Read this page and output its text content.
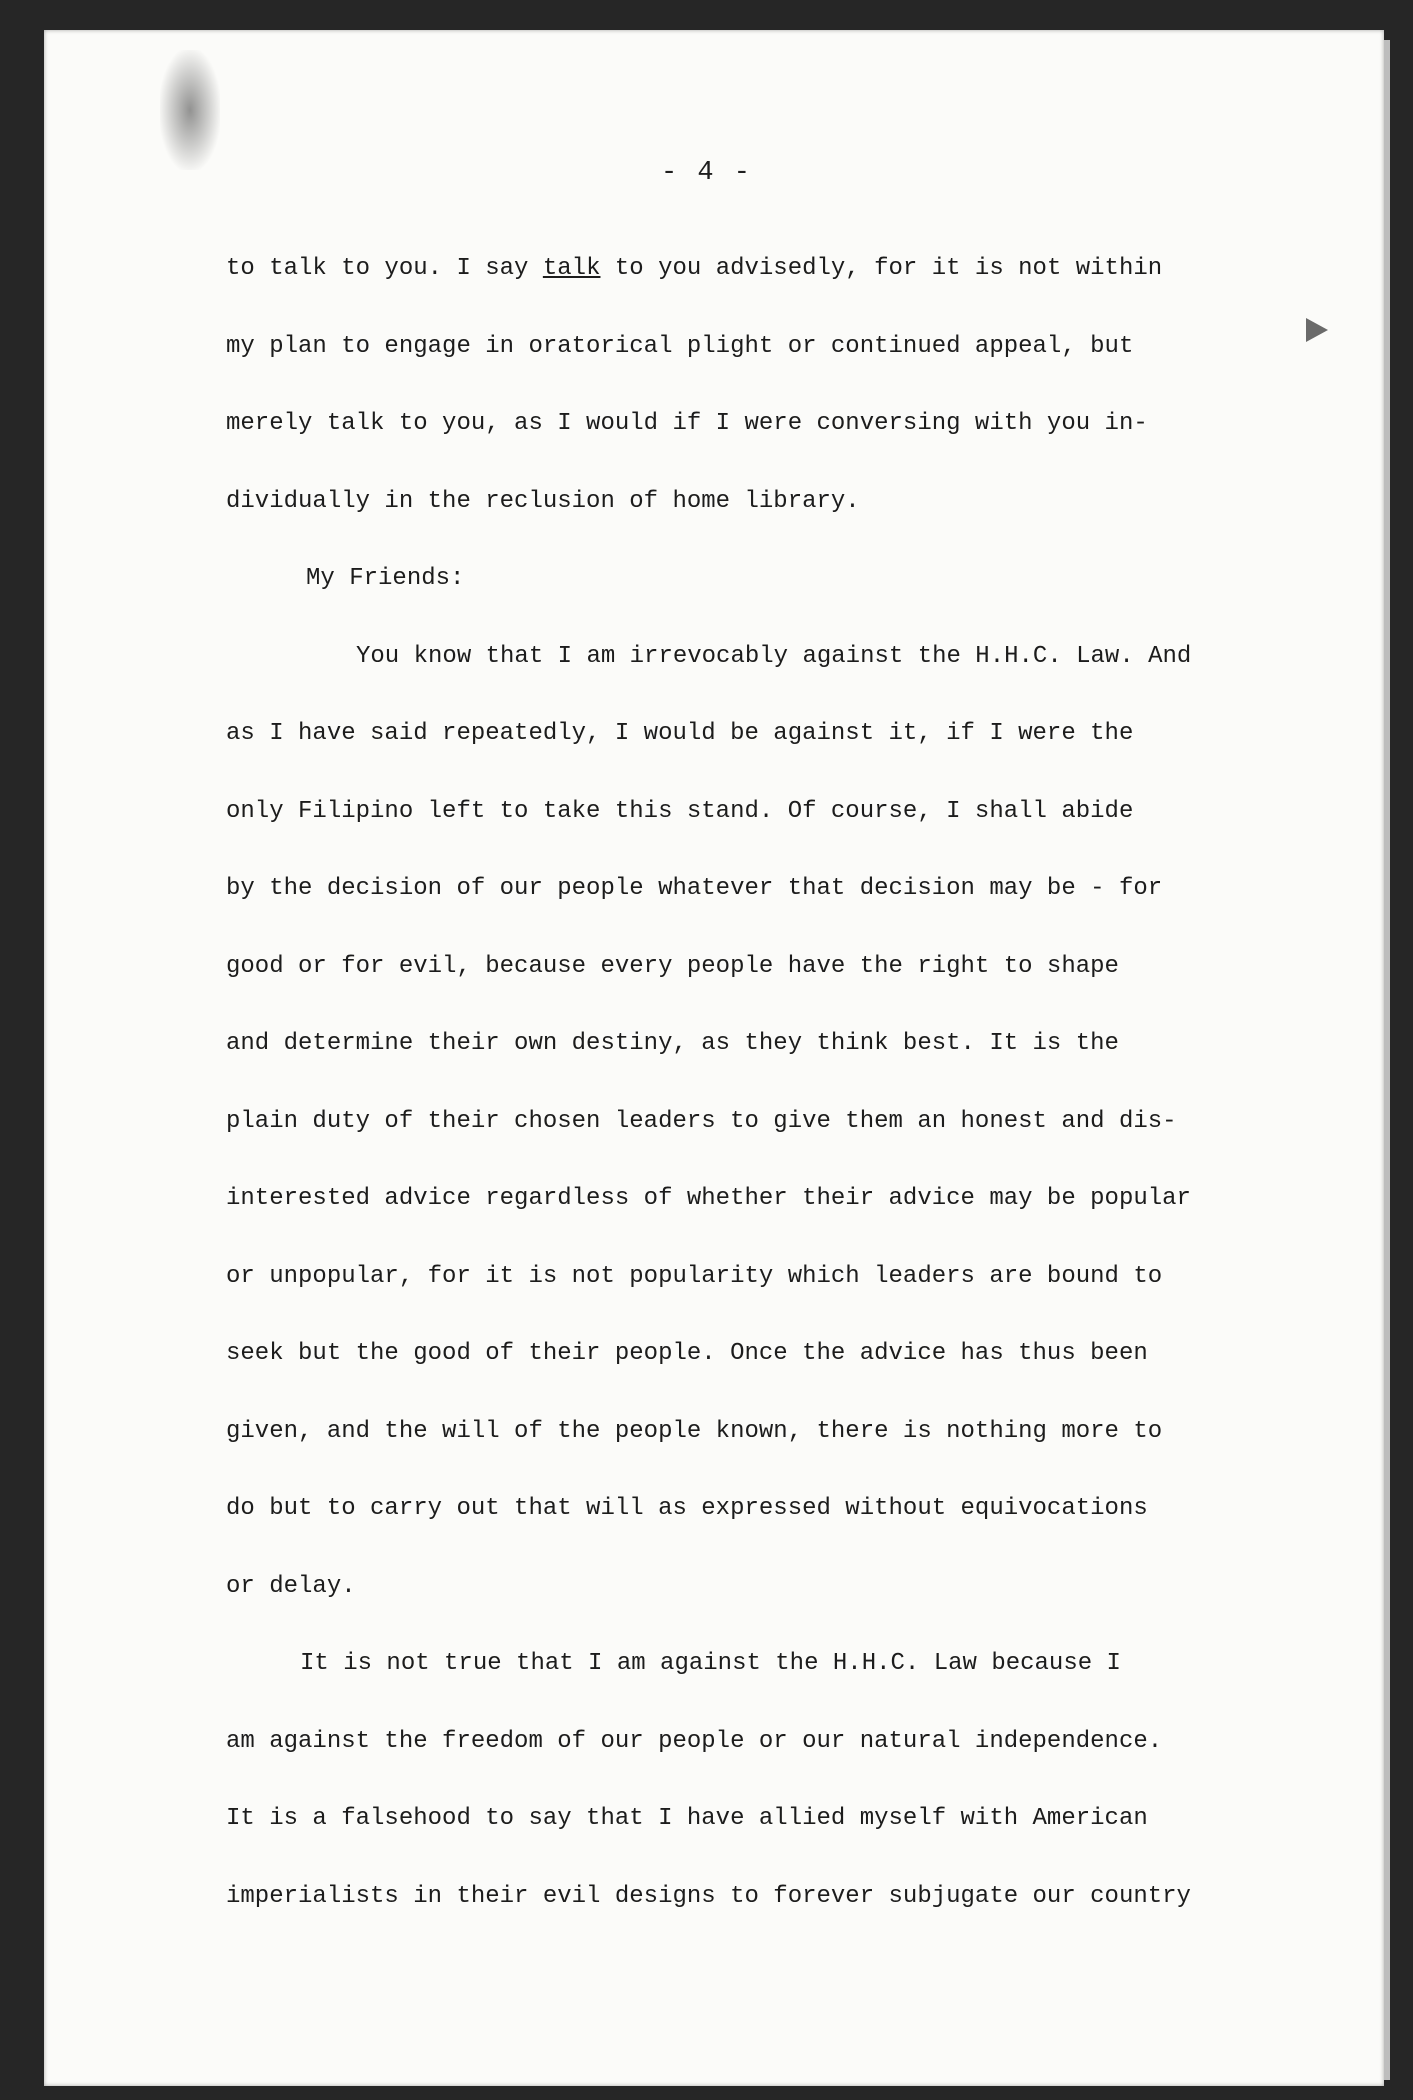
- 4 -
to talk to you. I say talk to you advisedly, for it is not within
my plan to engage in oratorical plight or continued appeal, but
merely talk to you, as I would if I were conversing with you in-
dividually in the reclusion of home library.
My Friends:
You know that I am irrevocably against the H.H.C. Law. And
as I have said repeatedly, I would be against it, if I were the
only Filipino left to take this stand. Of course, I shall abide
by the decision of our people whatever that decision may be - for
good or for evil, because every people have the right to shape
and determine their own destiny, as they think best. It is the
plain duty of their chosen leaders to give them an honest and dis-
interested advice regardless of whether their advice may be popular
or unpopular, for it is not popularity which leaders are bound to
seek but the good of their people. Once the advice has thus been
given, and the will of the people known, there is nothing more to
do but to carry out that will as expressed without equivocations
or delay.
It is not true that I am against the H.H.C. Law because I
am against the freedom of our people or our natural independence.
It is a falsehood to say that I have allied myself with American
imperialists in their evil designs to forever subjugate our country
